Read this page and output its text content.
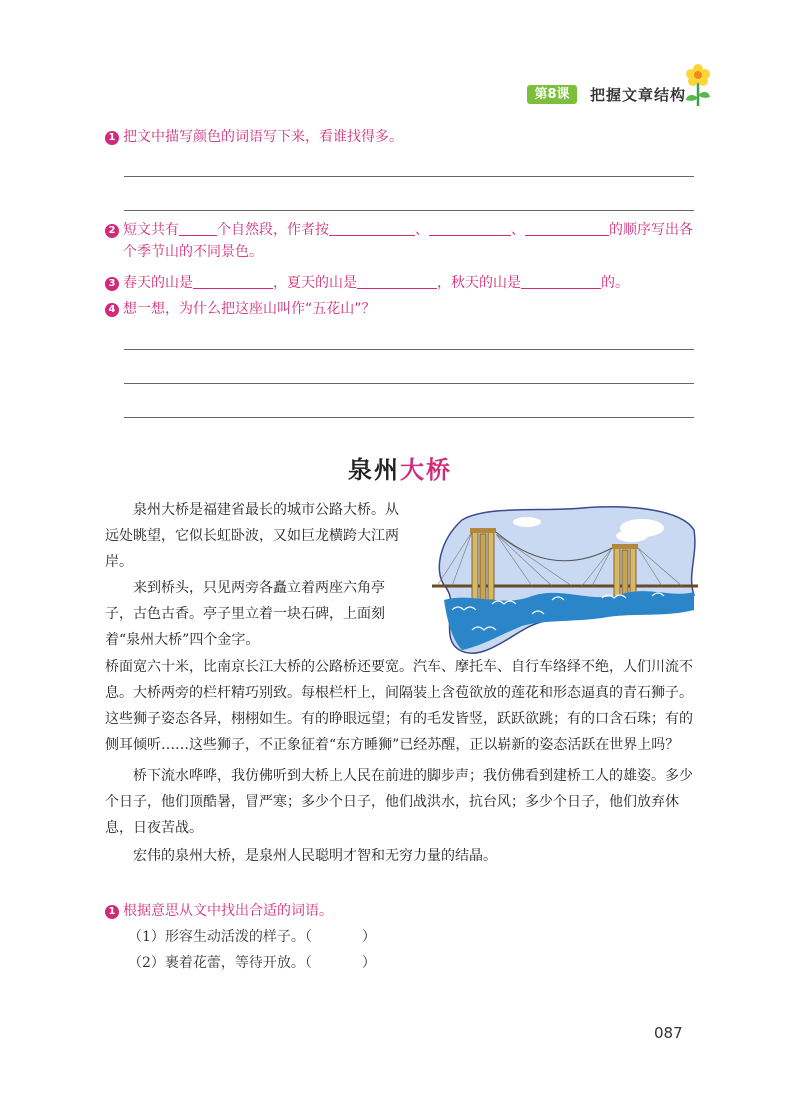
第8课	把握文章结构
1 把文中描写颜色的词语写下来，看谁找得多。
2 短文共有	个自然段，作者按	、	、	的顺序写出各
个季节山的不同景色。
3 春天的山是	，夏天的山是	，秋天的山是	的。
4 想一想，为什么把这座山叫作“五花山”？
泉州大桥
泉州大桥是福建省最长的城市公路大桥。从远处眺望，它似长虹卧波，又如巨龙横跨大江两岸。
来到桥头，只见两旁各矗立着两座六角亭子，古色古香。亭子里立着一块石碑，上面刻着“泉州大桥”四个金字。
桥面宽六十米，比南京长江大桥的公路桥还要宽。汽车、摩托车、自行车络绎不绝，人们川流不息。大桥两旁的栏杆精巧别致。每根栏杆上，间隔装上含苞欲放的莲花和形态逼真的青石狮子。这些狮子姿态各异，栩栩如生。有的睁眼远望；有的毛发皆竖，跃跃欲跳；有的口含石珠；有的侧耳倾听……这些狮子，不正象征着“东方睡狮”已经苏醒，正以崭新的姿态活跃在世界上吗？
桥下流水哗哗，我仿佛听到大桥上人民在前进的脚步声；我仿佛看到建桥工人的雄姿。多少个日子，他们顶酷暑，冒严寒；多少个日子，他们战洪水，抗台风；多少个日子，他们放弃休息，日夜苦战。
宏伟的泉州大桥，是泉州人民聪明才智和无穷力量的结晶。
1 根据意思从文中找出合适的词语。
（1）形容生动活泼的样子。（	）
（2）裹着花蕾，等待开放。（	）
087
